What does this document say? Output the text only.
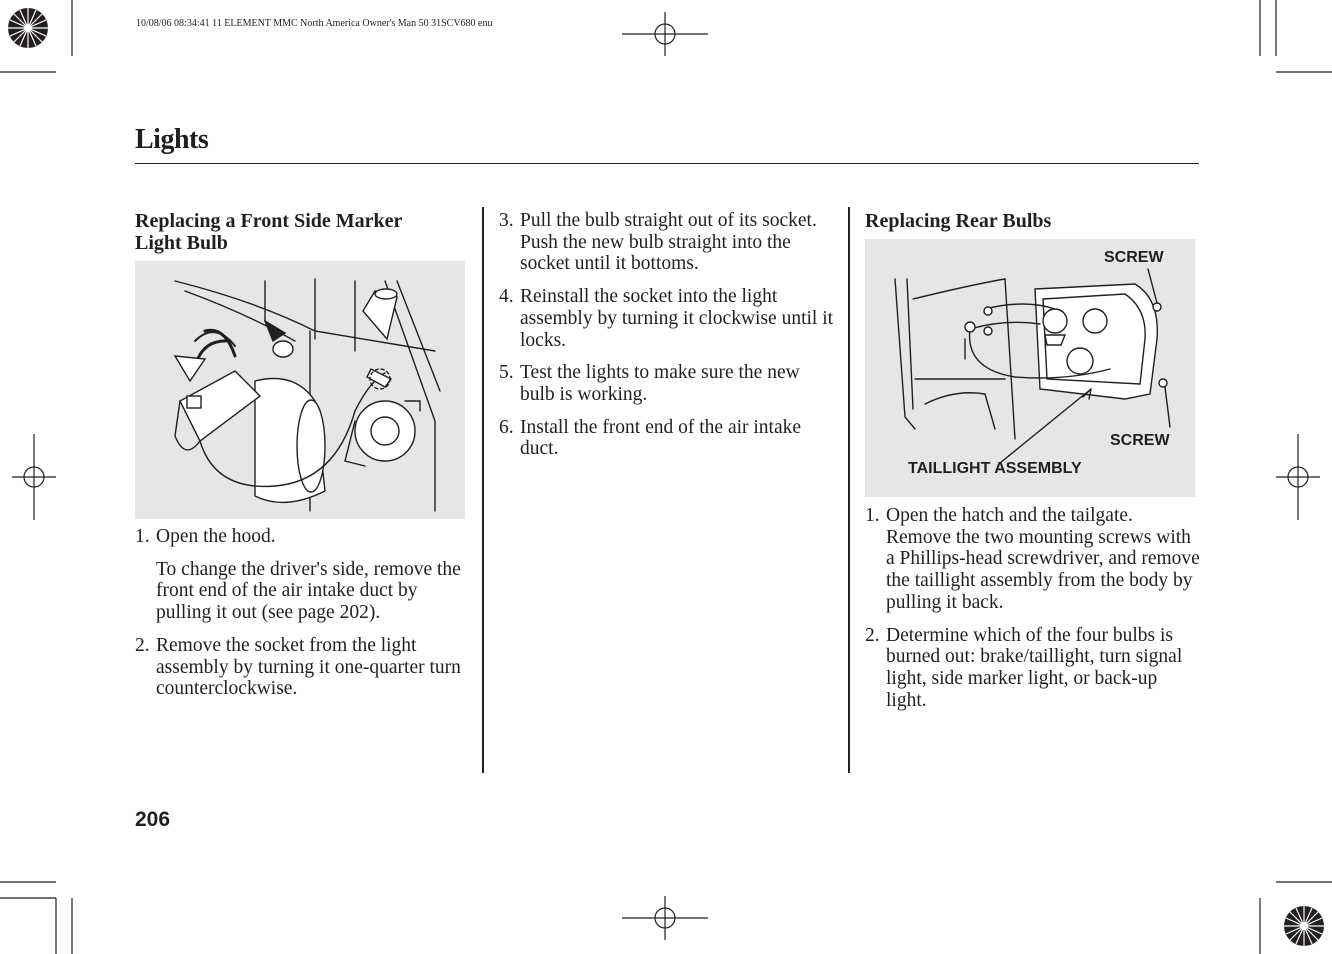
10/08/06 08:34:41 11 ELEMENT MMC North America Owner's Man 50 31SCV680 enu
Lights
Replacing a Front Side Marker
Light Bulb
1. Open the hood.
To change the driver's side, remove the front end of the air intake duct by pulling it out (see page 202).
2. Remove the socket from the light assembly by turning it one-quarter turn counterclockwise.
3. Pull the bulb straight out of its socket. Push the new bulb straight into the socket until it bottoms.
4. Reinstall the socket into the light assembly by turning it clockwise until it locks.
5. Test the lights to make sure the new bulb is working.
6. Install the front end of the air intake duct.
Replacing Rear Bulbs
SCREW
SCREW
TAILLIGHT ASSEMBLY
1. Open the hatch and the tailgate. Remove the two mounting screws with a Phillips-head screwdriver, and remove the taillight assembly from the body by pulling it back.
2. Determine which of the four bulbs is burned out: brake/taillight, turn signal light, side marker light, or back-up light.
206
